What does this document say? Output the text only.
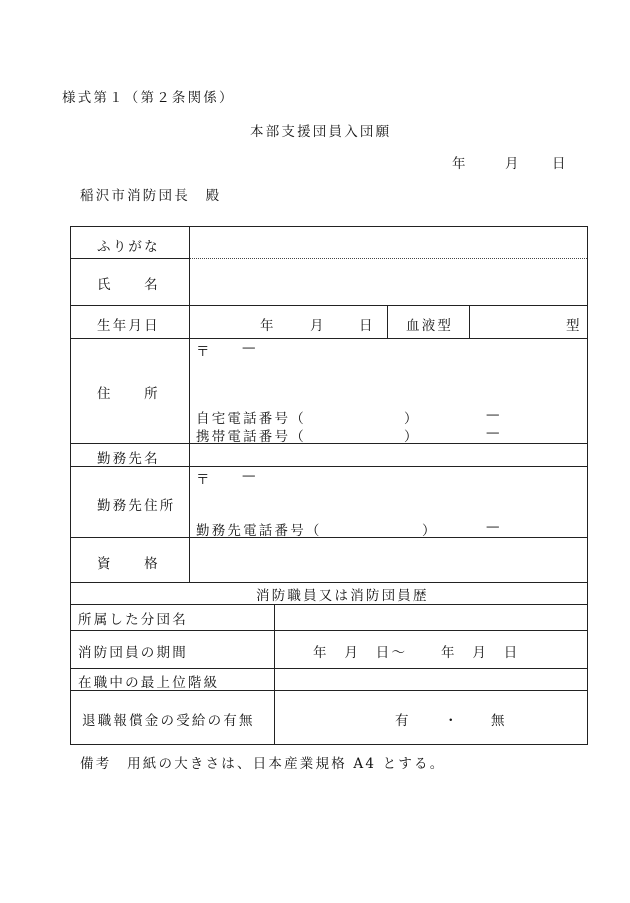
様式第１（第２条関係）
本部支援団員入団願
年	月 日
稲沢市消防団長　殿
ふりがな
氏　　名
生年月日	年	月 日 血液型	型
住　　所
〒 —
自宅電話番号（	）	—
携帯電話番号（	）	—
勤務先名
勤務先住所
〒 —
勤務先電話番号（	）	—
資　　格
消防職員又は消防団員歴
所属した分団名
消防団員の期間	年　月　日～	年　月　日
在職中の最上位階級
退職報償金の受給の有無	有 ・ 無
備考　用紙の大きさは、日本産業規格 A4 とする。
